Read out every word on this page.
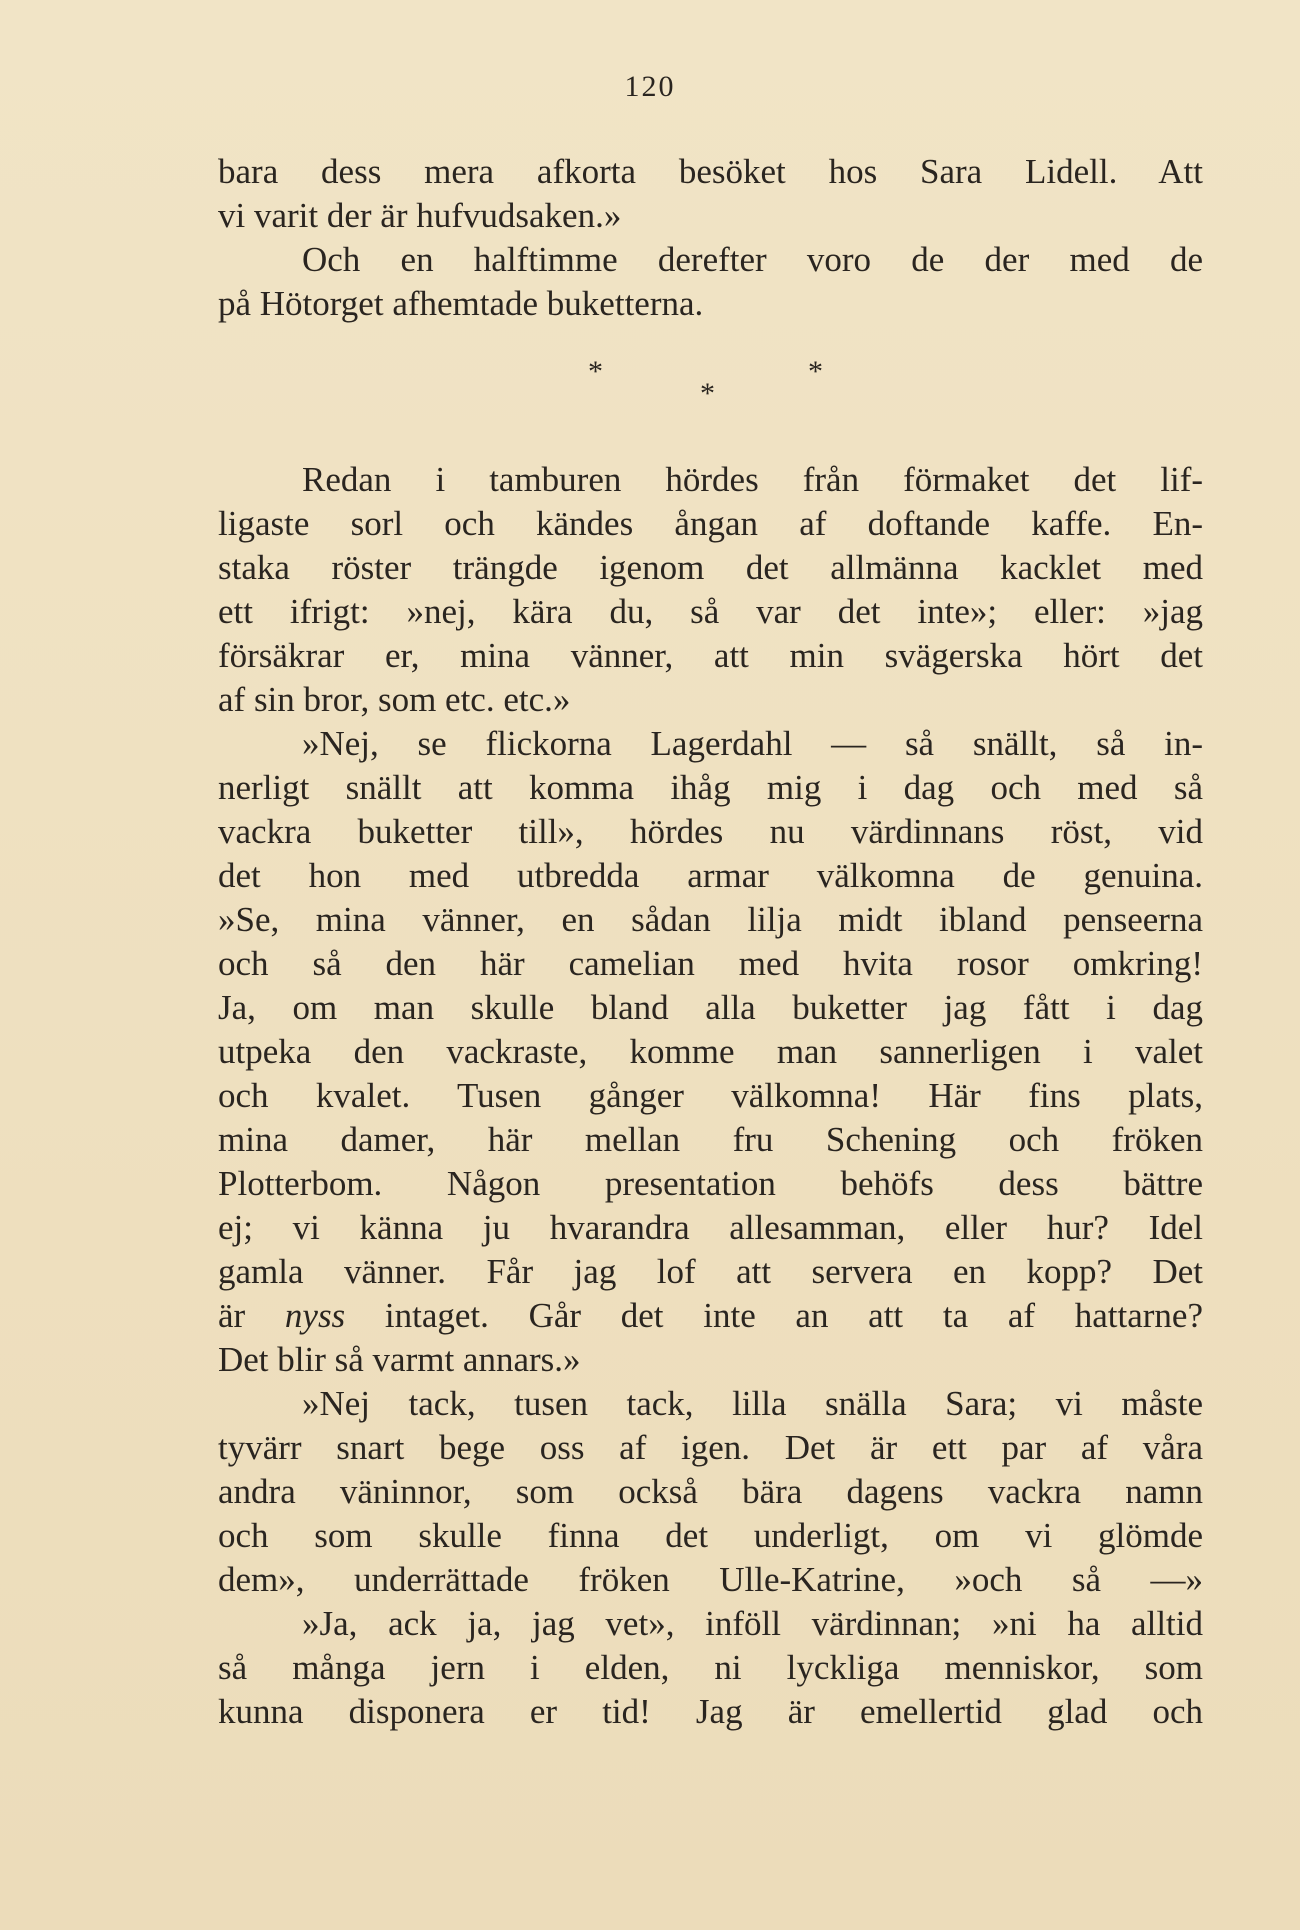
120
bara dess mera afkorta besöket hos Sara Lidell. Att
vi varit der är hufvudsaken.»
Och en halftimme derefter voro de der med de
på Hötorget afhemtade buketterna.
*
*
*
Redan i tamburen hördes från förmaket det lif-
ligaste sorl och kändes ångan af doftande kaffe. En-
staka röster trängde igenom det allmänna kacklet med
ett ifrigt: »nej, kära du, så var det inte»; eller: »jag
försäkrar er, mina vänner, att min svägerska hört det
af sin bror, som etc. etc.»
»Nej, se flickorna Lagerdahl — så snällt, så in-
nerligt snällt att komma ihåg mig i dag och med så
vackra buketter till», hördes nu värdinnans röst, vid
det hon med utbredda armar välkomna de genuina.
»Se, mina vänner, en sådan lilja midt ibland penseerna
och så den här camelian med hvita rosor omkring!
Ja, om man skulle bland alla buketter jag fått i dag
utpeka den vackraste, komme man sannerligen i valet
och kvalet. Tusen gånger välkomna! Här fins plats,
mina damer, här mellan fru Schening och fröken
Plotterbom. Någon presentation behöfs dess bättre
ej; vi känna ju hvarandra allesamman, eller hur? Idel
gamla vänner. Får jag lof att servera en kopp? Det
är nyss intaget. Går det inte an att ta af hattarne?
Det blir så varmt annars.»
»Nej tack, tusen tack, lilla snälla Sara; vi måste
tyvärr snart bege oss af igen. Det är ett par af våra
andra väninnor, som också bära dagens vackra namn
och som skulle finna det underligt, om vi glömde
dem», underrättade fröken Ulle-Katrine, »och så —»
»Ja, ack ja, jag vet», inföll värdinnan; »ni ha alltid
så många jern i elden, ni lyckliga menniskor, som
kunna disponera er tid! Jag är emellertid glad och
